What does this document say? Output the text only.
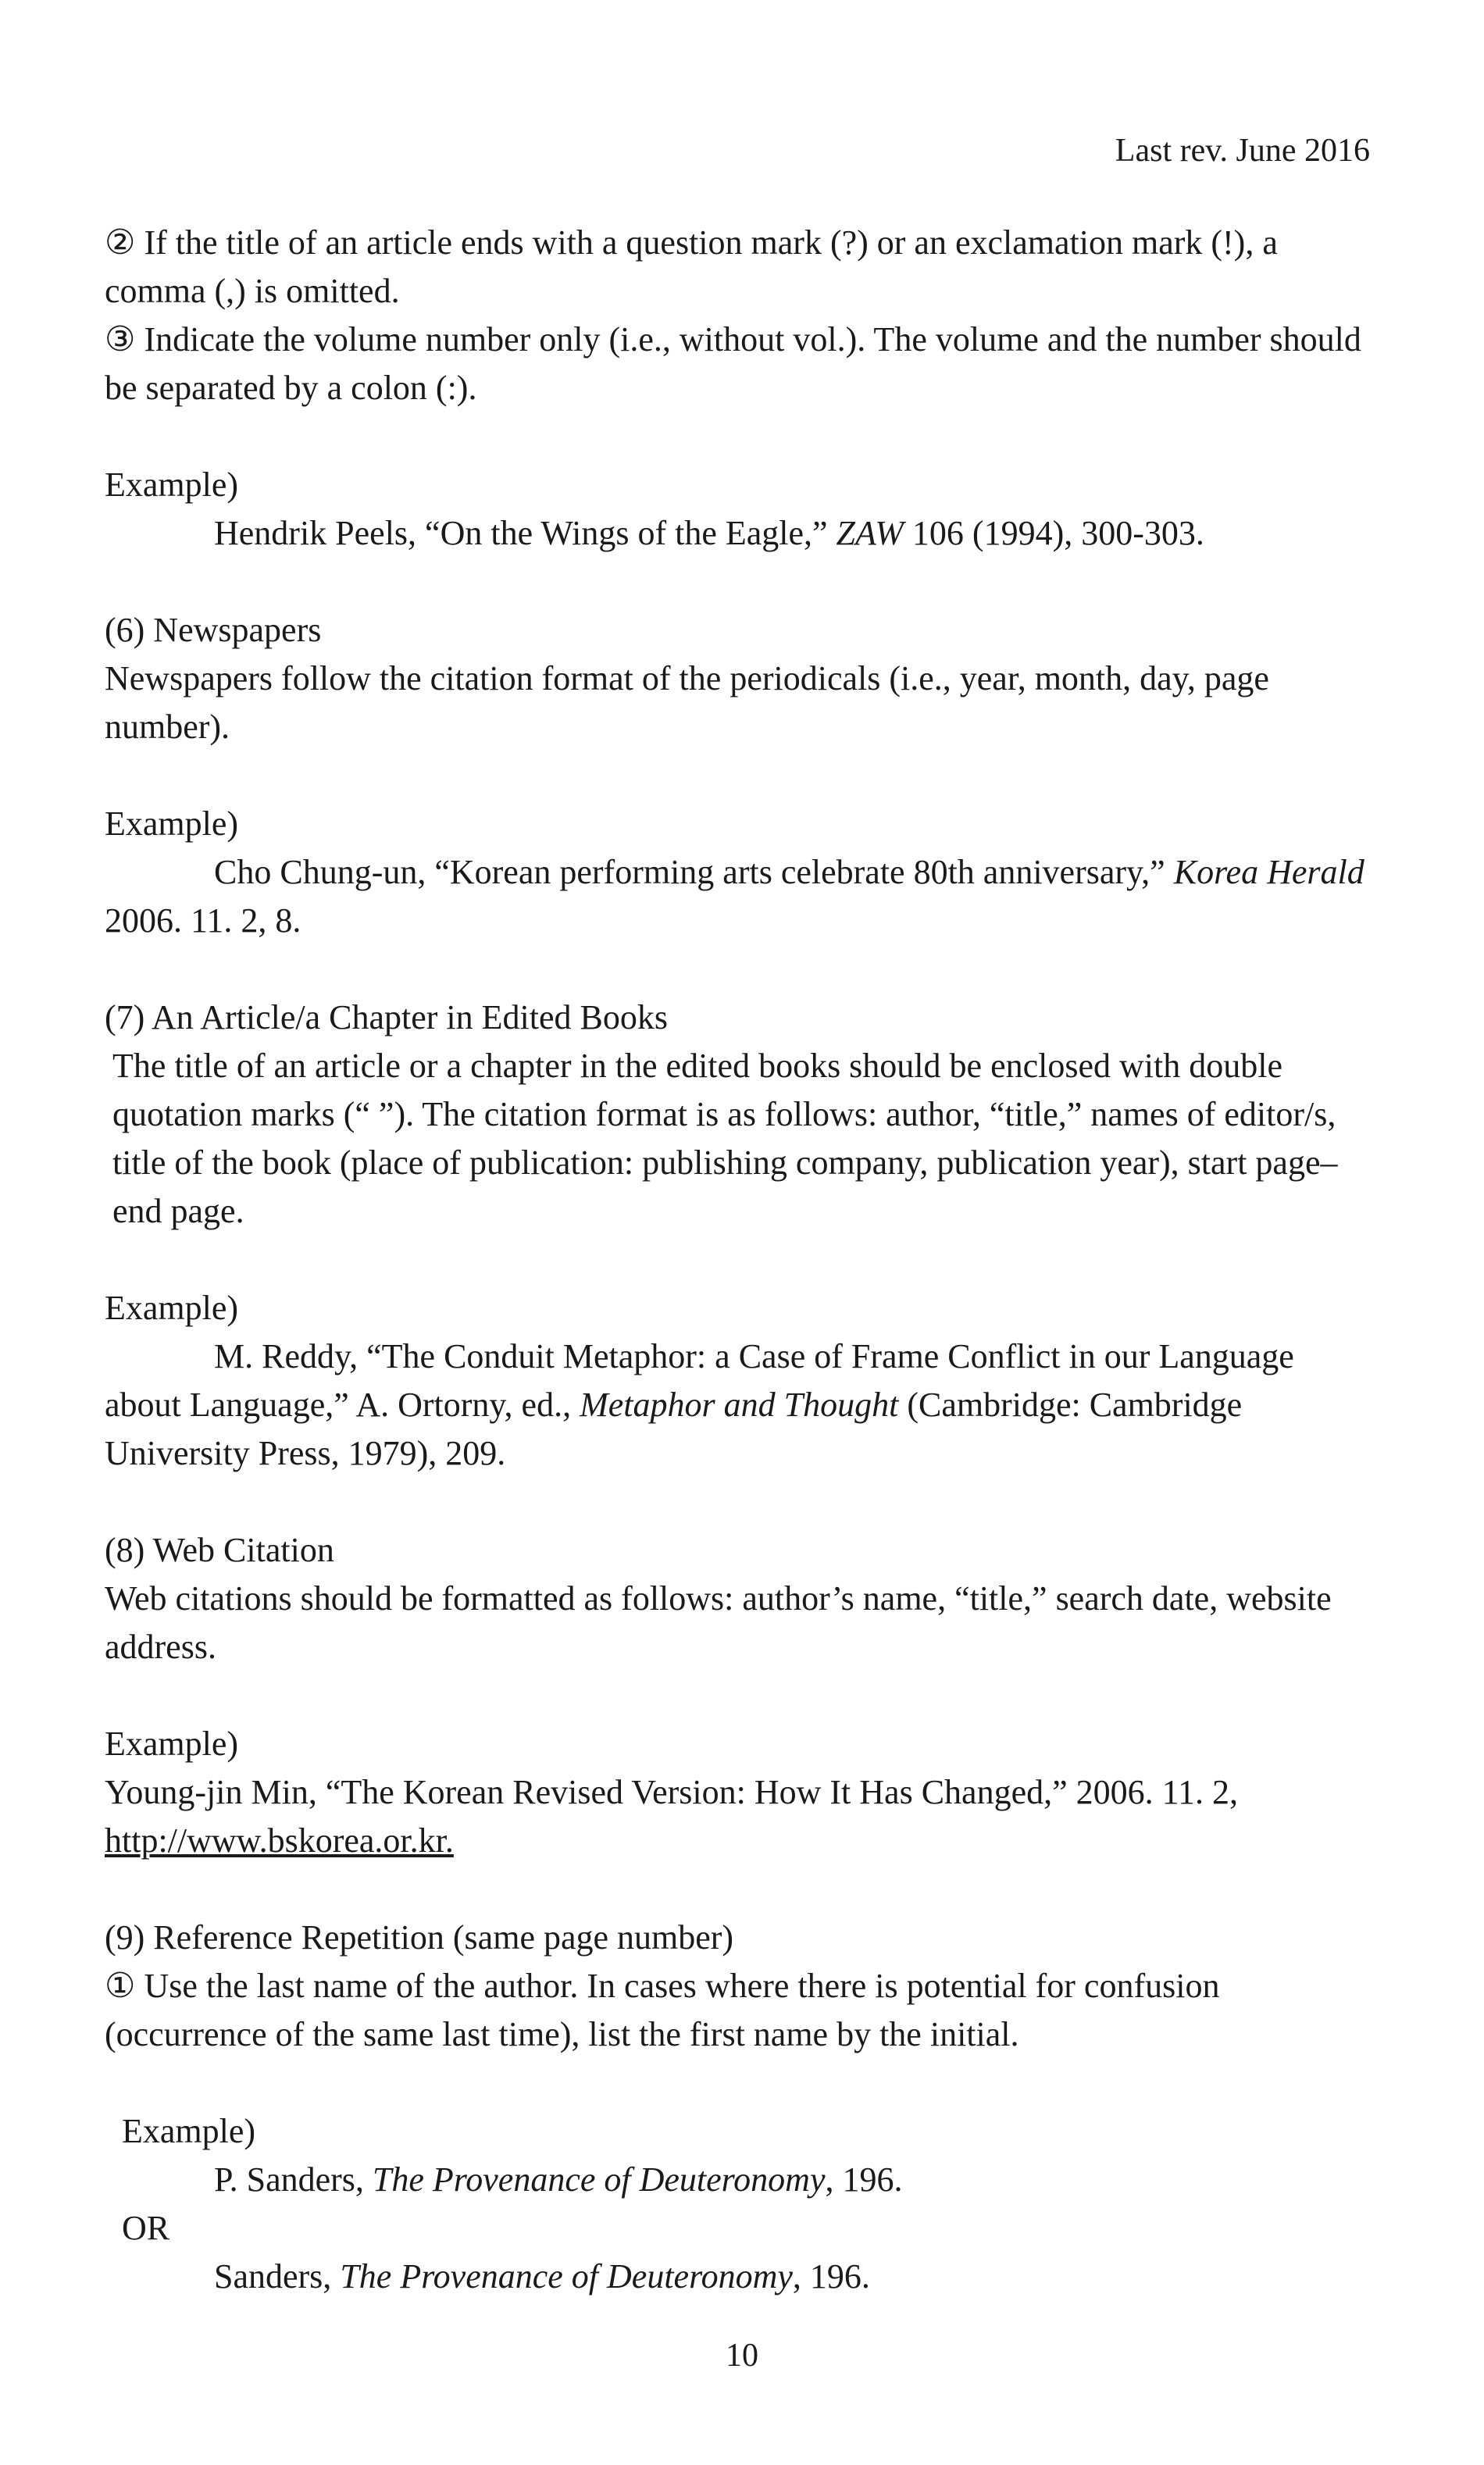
Last rev. June 2016

② If the title of an article ends with a question mark (?) or an exclamation mark (!), a comma (,) is omitted.

③ Indicate the volume number only (i.e., without vol.). The volume and the number should be separated by a colon (:).

Example)

Hendrik Peels, “On the Wings of the Eagle,” ZAW 106 (1994), 300-303.

(6) Newspapers

Newspapers follow the citation format of the periodicals (i.e., year, month, day, page number).

Example)

Cho Chung-un, “Korean performing arts celebrate 80th anniversary,” Korea Herald 2006. 11. 2, 8.

(7) An Article/a Chapter in Edited Books

The title of an article or a chapter in the edited books should be enclosed with double quotation marks (“ ”). The citation format is as follows: author, “title,” names of editor/s, title of the book (place of publication: publishing company, publication year), start page–end page.

Example)

M. Reddy, “The Conduit Metaphor: a Case of Frame Conflict in our Language about Language,” A. Ortorny, ed., Metaphor and Thought (Cambridge: Cambridge University Press, 1979), 209.

(8) Web Citation

Web citations should be formatted as follows: author’s name, “title,” search date, website address.

Example)

Young-jin Min, “The Korean Revised Version: How It Has Changed,” 2006. 11. 2,

http://www.bskorea.or.kr.

(9) Reference Repetition (same page number)

① Use the last name of the author. In cases where there is potential for confusion (occurrence of the same last time), list the first name by the initial.

Example)

P. Sanders, The Provenance of Deuteronomy, 196.

OR

Sanders, The Provenance of Deuteronomy, 196.

10
